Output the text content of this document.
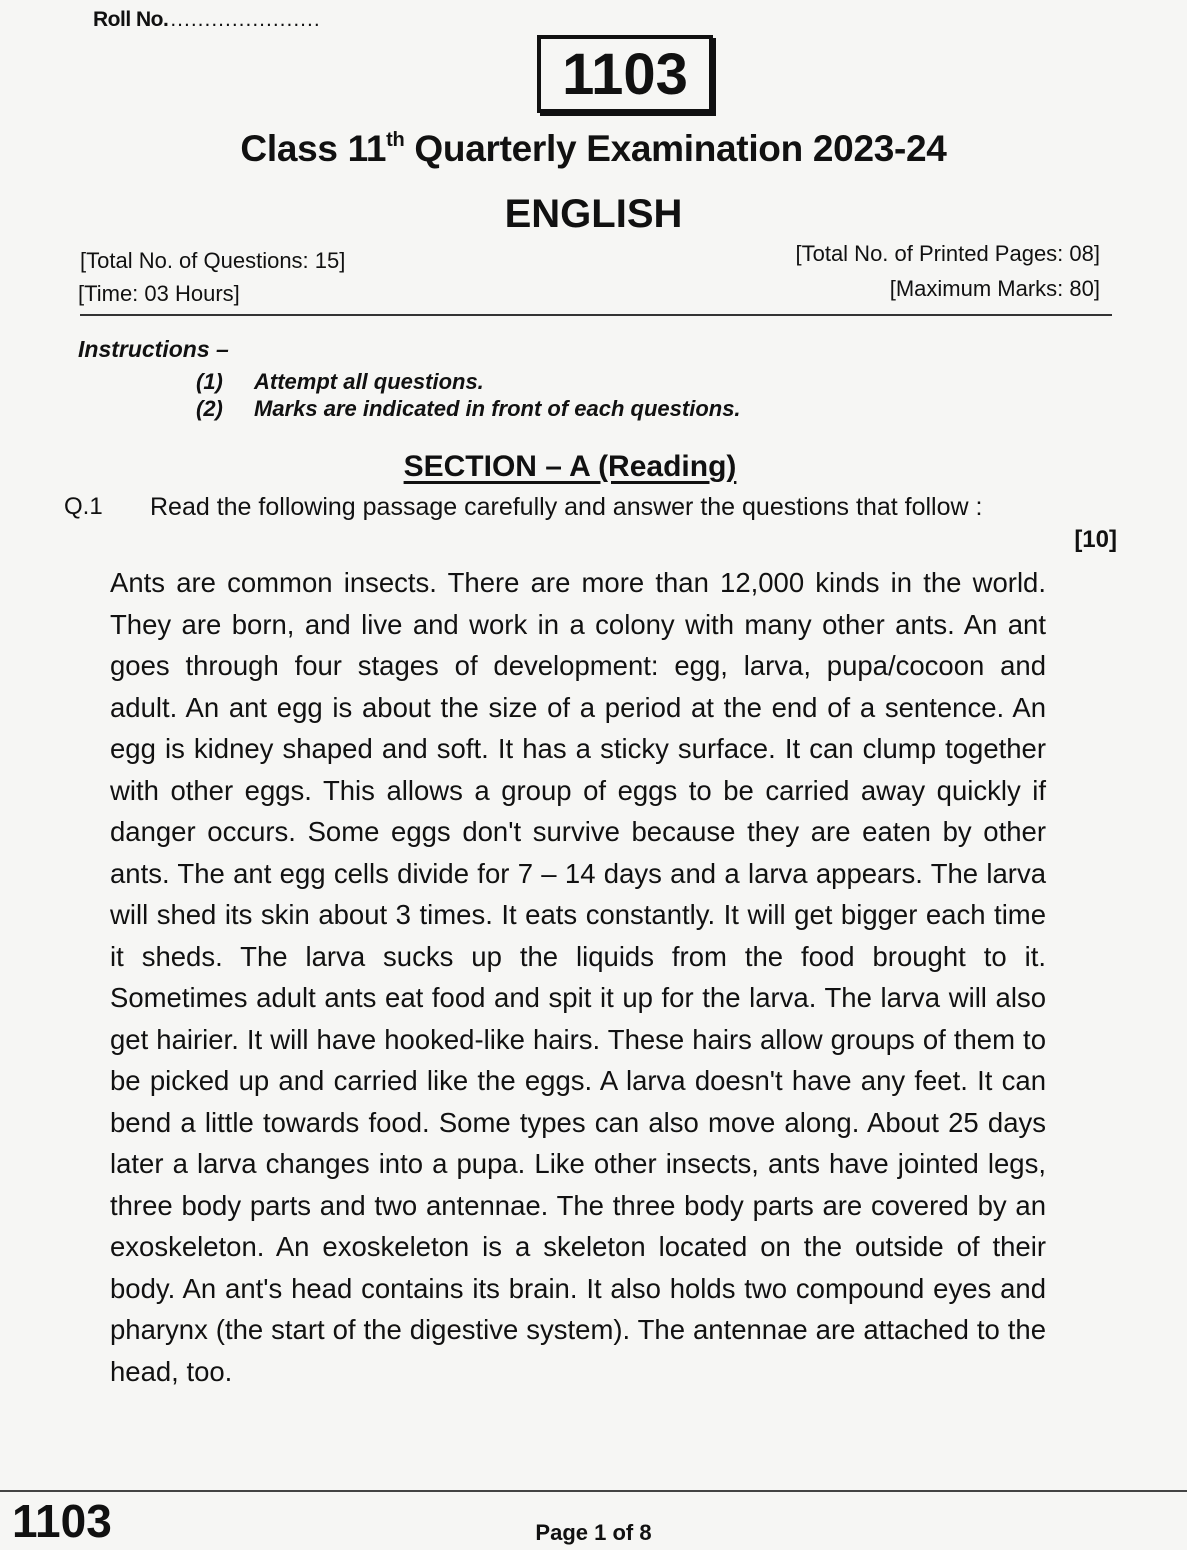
Roll No.......................
1103
Class 11th Quarterly Examination 2023-24
ENGLISH
[Total No. of Questions: 15]
[Time: 03 Hours]
[Total No. of Printed Pages: 08]
[Maximum Marks: 80]
Instructions –
(1) Attempt all questions.
(2) Marks are indicated in front of each questions.
SECTION – A (Reading)
Q.1 Read the following passage carefully and answer the questions that follow :
[10]
Ants are common insects. There are more than 12,000 kinds in the world. They are born, and live and work in a colony with many other ants. An ant goes through four stages of development: egg, larva, pupa/cocoon and adult. An ant egg is about the size of a period at the end of a sentence. An egg is kidney shaped and soft. It has a sticky surface. It can clump together with other eggs. This allows a group of eggs to be carried away quickly if danger occurs. Some eggs don't survive because they are eaten by other ants. The ant egg cells divide for 7 – 14 days and a larva appears. The larva will shed its skin about 3 times. It eats constantly. It will get bigger each time it sheds. The larva sucks up the liquids from the food brought to it. Sometimes adult ants eat food and spit it up for the larva. The larva will also get hairier. It will have hooked-like hairs. These hairs allow groups of them to be picked up and carried like the eggs. A larva doesn't have any feet. It can bend a little towards food. Some types can also move along. About 25 days later a larva changes into a pupa. Like other insects, ants have jointed legs, three body parts and two antennae. The three body parts are covered by an exoskeleton. An exoskeleton is a skeleton located on the outside of their body. An ant's head contains its brain. It also holds two compound eyes and pharynx (the start of the digestive system). The antennae are attached to the head, too.
1103	Page 1 of 8
